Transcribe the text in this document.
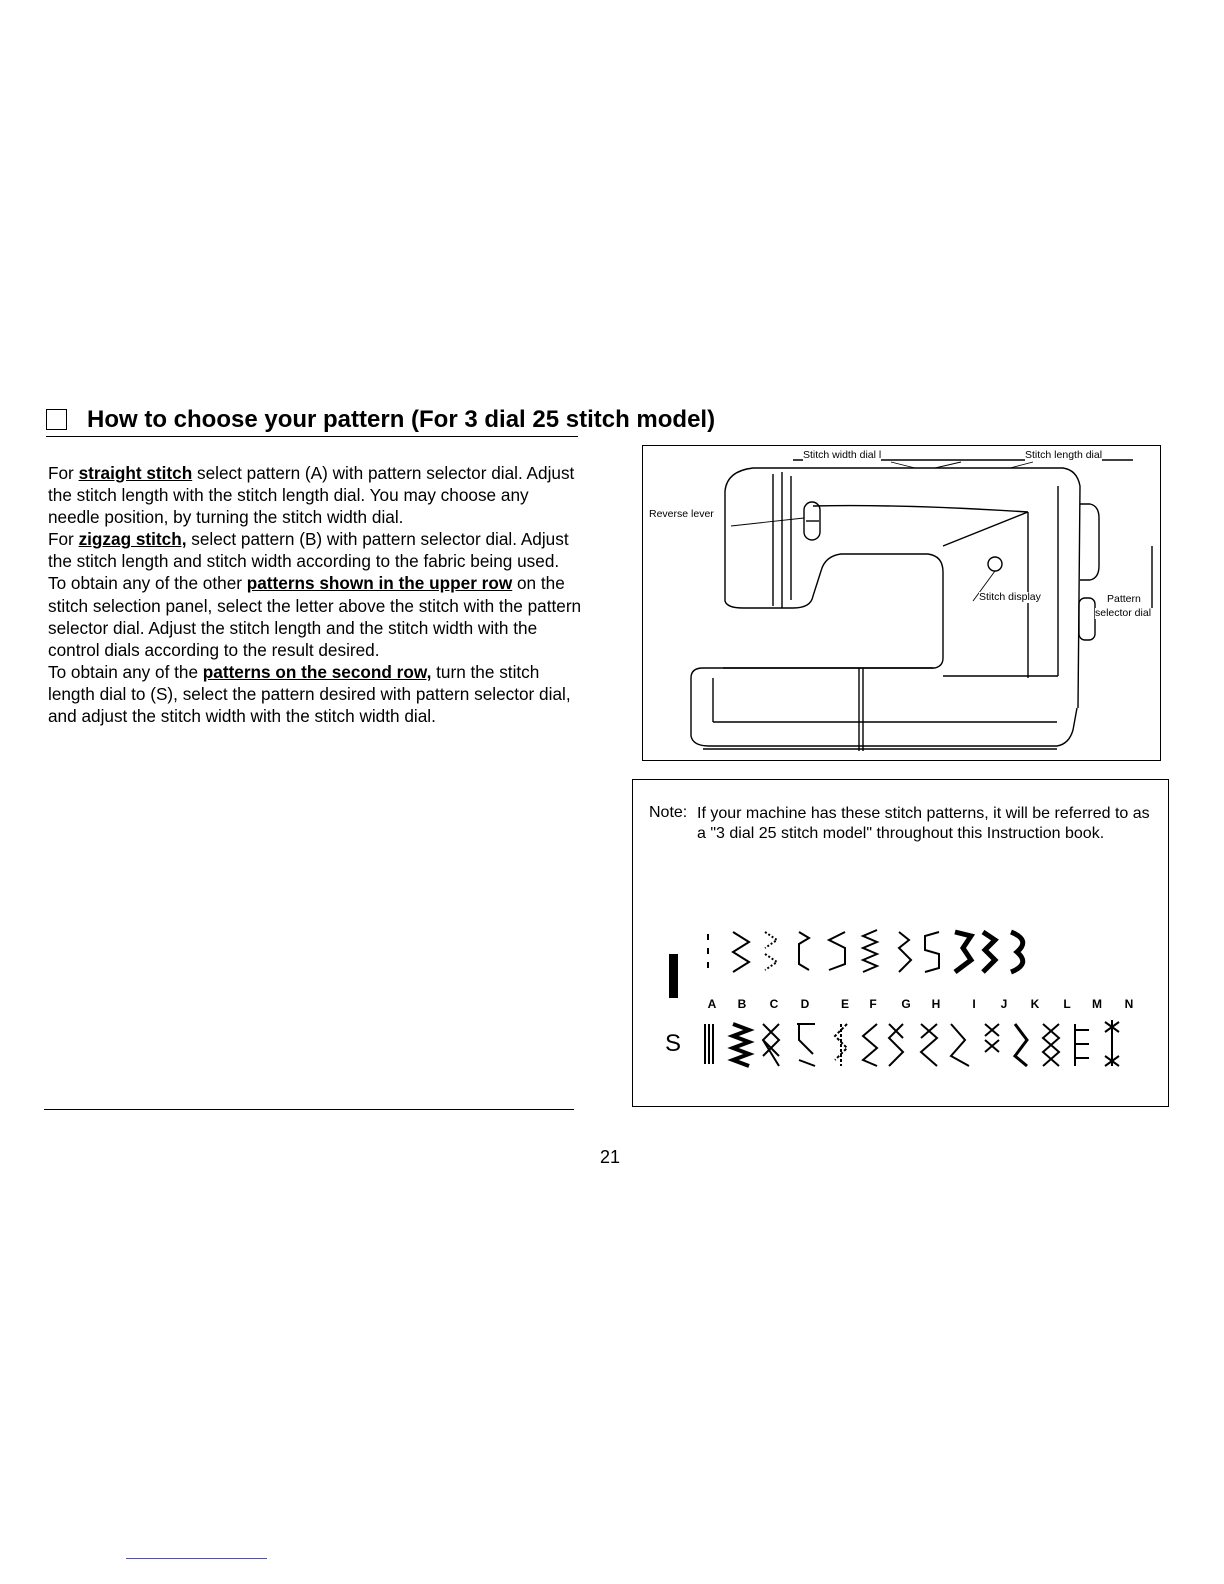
How to choose your pattern (For 3 dial 25 stitch model)

For straight stitch select pattern (A) with pattern selector dial. Adjust the stitch length with the stitch length dial. You may choose any needle position, by turning the stitch width dial.

For zigzag stitch, select pattern (B) with pattern selector dial. Adjust the stitch length and stitch width according to the fabric being used.

To obtain any of the other patterns shown in the upper row on the stitch selection panel, select the letter above the stitch with the pattern selector dial. Adjust the stitch length and the stitch width with the control dials according to the result desired.

To obtain any of the patterns on the second row, turn the stitch length dial to (S), select the pattern desired with pattern selector dial, and adjust the stitch width with the stitch width dial.

Stitch width dial l	Stitch length dial
Reverse lever
Stitch display	Pattern
selector dial
Note: If your machine has these stitch patterns, it will be referred to as a "3 dial 25 stitch model" throughout this Instruction book.
A	B	C	D	E	F	G	H	I	J	K	L	M	N
S
21
